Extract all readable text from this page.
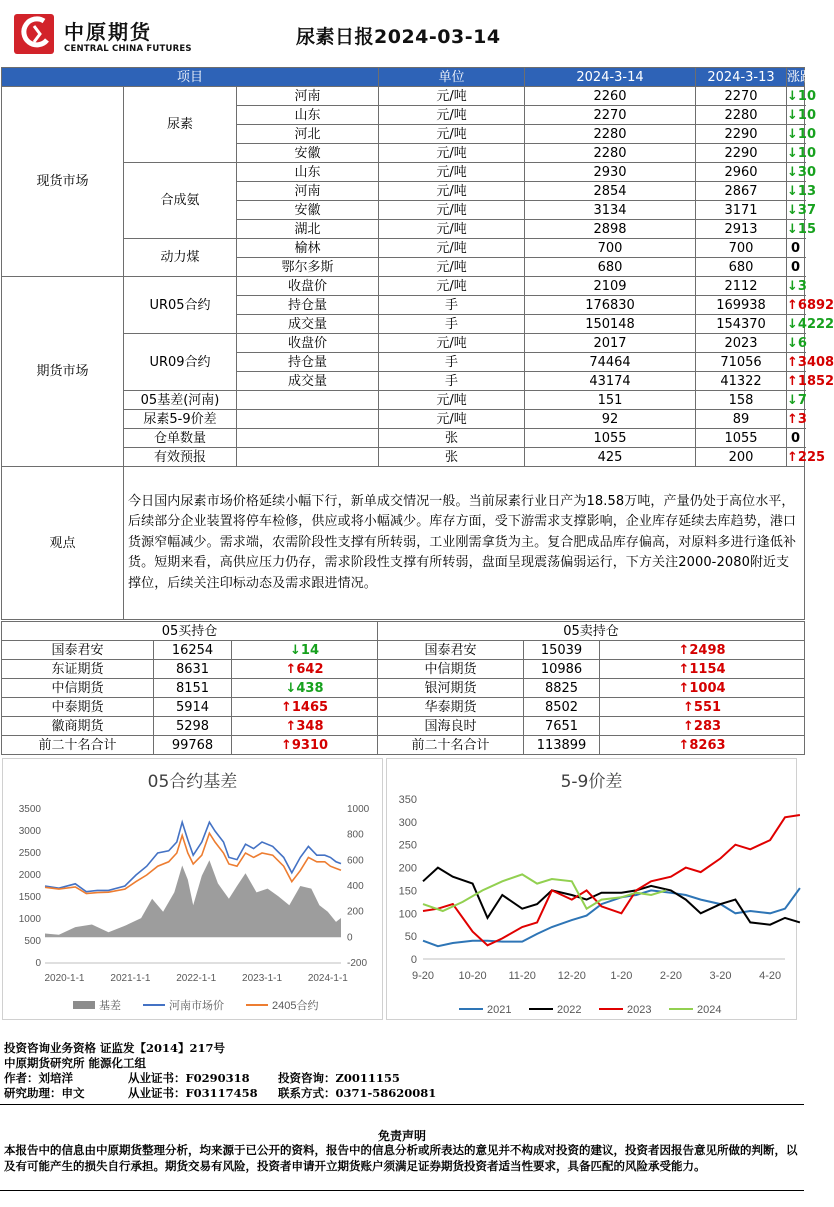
中原期货
CENTRAL CHINA FUTURES
尿素日报2024-03-14
项目			单位	2024-3-14	2024-3-13	涨跌
现货市场	尿素	河南	元/吨	2260	2270	↓10
		山东	元/吨	2270	2280	↓10
		河北	元/吨	2280	2290	↓10
		安徽	元/吨	2280	2290	↓10
	合成氨	山东	元/吨	2930	2960	↓30
		河南	元/吨	2854	2867	↓13
		安徽	元/吨	3134	3171	↓37
		湖北	元/吨	2898	2913	↓15
	动力煤	榆林	元/吨	700	700	0
		鄂尔多斯	元/吨	680	680	0
期货市场	UR05合约	收盘价	元/吨	2109	2112	↓3
		持仓量	手	176830	169938	↑6892
		成交量	手	150148	154370	↓4222
	UR09合约	收盘价	元/吨	2017	2023	↓6
		持仓量	手	74464	71056	↑3408
		成交量	手	43174	41322	↑1852
	05基差(河南)		元/吨	151	158	↓7
	尿素5-9价差		元/吨	92	89	↑3
	仓单数量		张	1055	1055	0
	有效预报		张	425	200	↑225
观点	今日国内尿素市场价格延续小幅下行，新单成交情况一般。当前尿素行业日产为18.58万吨，产量仍处于高位水平，后续部分企业装置将停车检修，供应或将小幅减少。库存方面，受下游需求支撑影响，企业库存延续去库趋势，港口货源窄幅减少。需求端，农需阶段性支撑有所转弱，工业刚需拿货为主。复合肥成品库存偏高，对原料多进行逢低补货。短期来看，高供应压力仍存，需求阶段性支撑有所转弱，盘面呈现震荡偏弱运行，下方关注2000-2080附近支撑位，后续关注印标动态及需求跟进情况。					
05买持仓			05卖持仓		
国泰君安	16254	↓14	国泰君安	15039	↑2498
东证期货	8631	↑642	中信期货	10986	↑1154
中信期货	8151	↓438	银河期货	8825	↑1004
中泰期货	5914	↑1465	华泰期货	8502	↑551
徽商期货	5298	↑348	国海良时	7651	↑283
前二十名合计	99768	↑9310	前二十名合计	113899	↑8263
05合约基差
0
500
1000
1500
2000
2500
3000
3500
-200
0
200
400
600
800
1000
2020-1-1	2021-1-1	2022-1-1	2023-1-1	2024-1-1
基差	河南市场价	2405合约
5-9价差
0
50
100
150
200
250
300
350
9-20 10-20 11-20 12-20 1-20	2-20	3-20	4-20
2021	2022	2023	2024
投资咨询业务资格 证监发【2014】217号
中原期货研究所 能源化工组
作者：刘培洋	从业证书：F0290318 投资咨询：Z0011155
研究助理：申文	从业证书：F03117458 联系方式：0371-58620081
免责声明
本报告中的信息由中原期货整理分析，均来源于已公开的资料，报告中的信息分析或所表达的意见并不构成对投资的建议，投资者因报告意见所做的判断，以及有可能产生的损失自行承担。期货交易有风险，投资者申请开立期货账户须满足证券期货投资者适当性要求，具备匹配的风险承受能力。
